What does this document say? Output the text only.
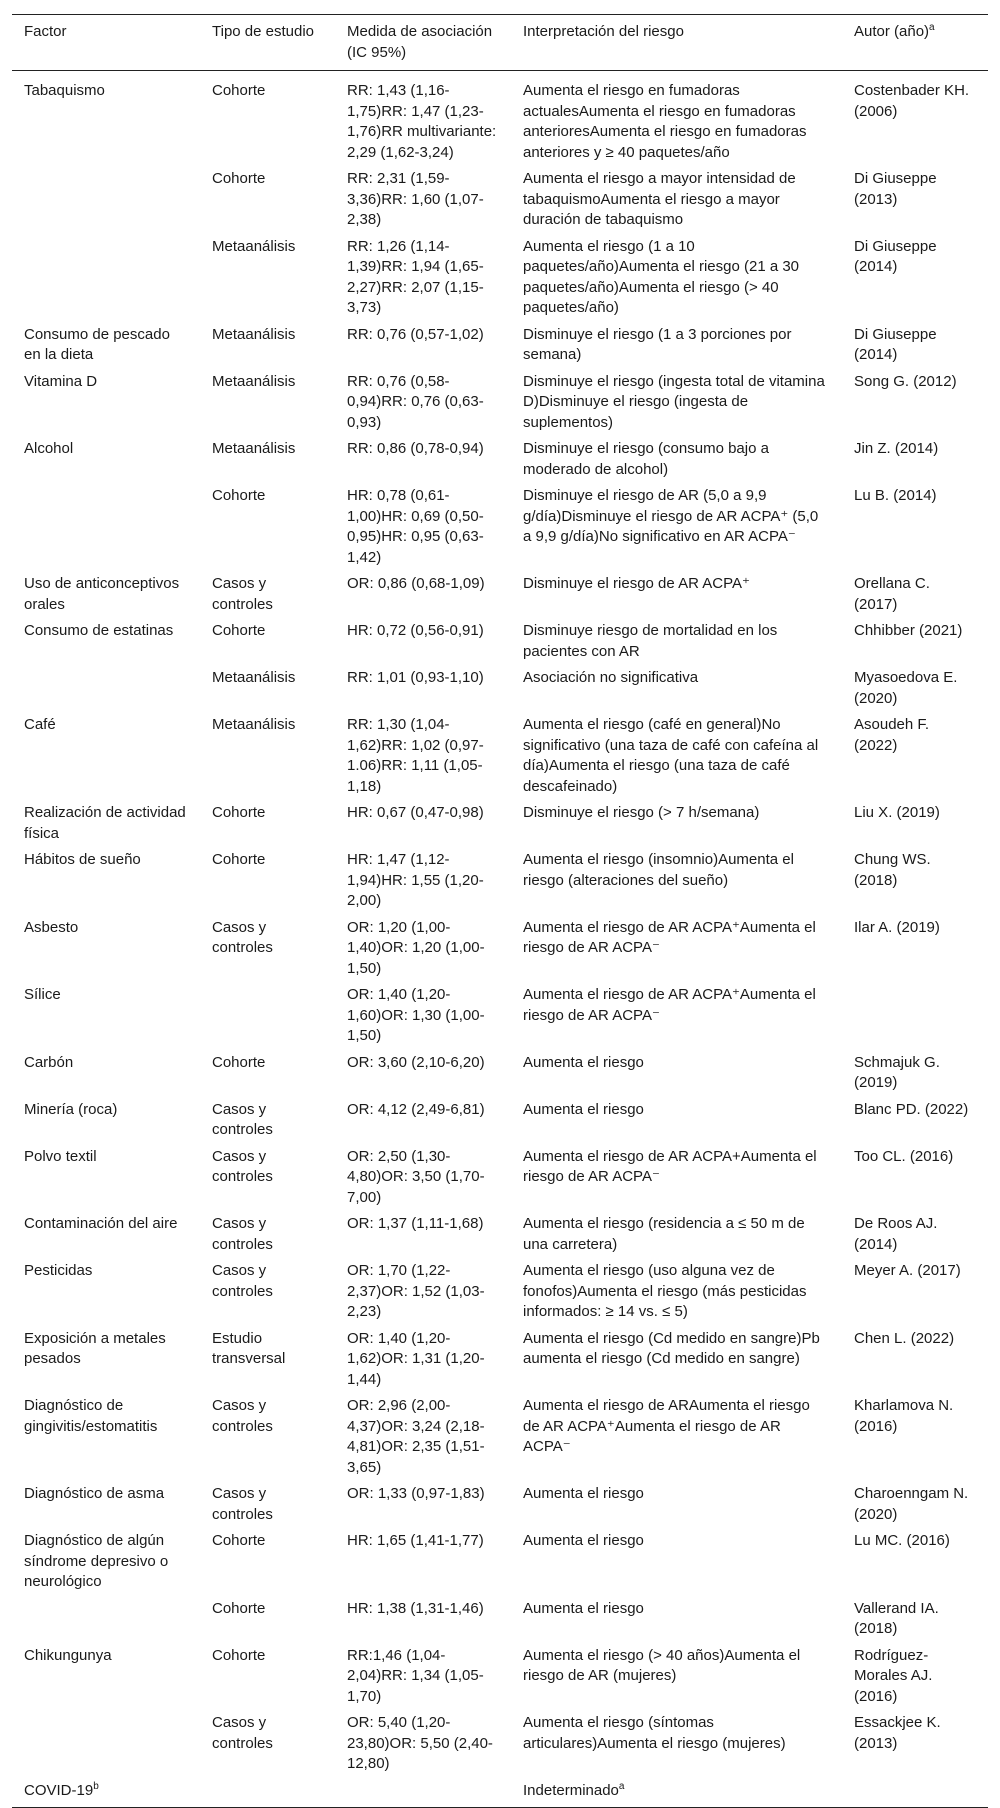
Factor	Tipo de estudio	Medida de asociación (IC 95%)	Interpretación del riesgo	Autor (año)$^a$
Tabaquismo	Cohorte	RR: 1,43 (1,16-1,75)RR: 1,47 (1,23-1,76)RR multivariante: 2,29 (1,62-3,24)	Aumenta el riesgo en fumadoras actualesAumenta el riesgo en fumadoras anterioresAumenta el riesgo en fumadoras anteriores y ≥ 40 paquetes/año	Costenbader KH. (2006)
	Cohorte	RR: 2,31 (1,59-3,36)RR: 1,60 (1,07-2,38)	Aumenta el riesgo a mayor intensidad de tabaquismoAumenta el riesgo a mayor duración de tabaquismo	Di Giuseppe (2013)
	Metaanálisis	RR: 1,26 (1,14-1,39)RR: 1,94 (1,65-2,27)RR: 2,07 (1,15-3,73)	Aumenta el riesgo (1 a 10 paquetes/año)Aumenta el riesgo (21 a 30 paquetes/año)Aumenta el riesgo (> 40 paquetes/año)	Di Giuseppe (2014)
Consumo de pescado en la dieta	Metaanálisis	RR: 0,76 (0,57-1,02)	Disminuye el riesgo (1 a 3 porciones por semana)	Di Giuseppe (2014)
Vitamina D	Metaanálisis	RR: 0,76 (0,58-0,94)RR: 0,76 (0,63-0,93)	Disminuye el riesgo (ingesta total de vitamina D)Disminuye el riesgo (ingesta de suplementos)	Song G. (2012)
Alcohol	Metaanálisis	RR: 0,86 (0,78-0,94)	Disminuye el riesgo (consumo bajo a moderado de alcohol)	Jin Z. (2014)
	Cohorte	HR: 0,78 (0,61-1,00)HR: 0,69 (0,50-0,95)HR: 0,95 (0,63-1,42)	Disminuye el riesgo de AR (5,0 a 9,9 g/día)Disminuye el riesgo de AR ACPA⁺ (5,0 a 9,9 g/día)No significativo en AR ACPA⁻	Lu B. (2014)
Uso de anticonceptivos orales	Casos y controles	OR: 0,86 (0,68-1,09)	Disminuye el riesgo de AR ACPA⁺	Orellana C. (2017)
Consumo de estatinas	Cohorte	HR: 0,72 (0,56-0,91)	Disminuye riesgo de mortalidad en los pacientes con AR	Chhibber (2021)
	Metaanálisis	RR: 1,01 (0,93-1,10)	Asociación no significativa	Myasoedova E. (2020)
Café	Metaanálisis	RR: 1,30 (1,04-1,62)RR: 1,02 (0,97-1.06)RR: 1,11 (1,05-1,18)	Aumenta el riesgo (café en general)No significativo (una taza de café con cafeína al día)Aumenta el riesgo (una taza de café descafeinado)	Asoudeh F. (2022)
Realización de actividad física	Cohorte	HR: 0,67 (0,47-0,98)	Disminuye el riesgo (> 7 h/semana)	Liu X. (2019)
Hábitos de sueño	Cohorte	HR: 1,47 (1,12-1,94)HR: 1,55 (1,20-2,00)	Aumenta el riesgo (insomnio)Aumenta el riesgo (alteraciones del sueño)	Chung WS. (2018)
Asbesto	Casos y controles	OR: 1,20 (1,00-1,40)OR: 1,20 (1,00-1,50)	Aumenta el riesgo de AR ACPA⁺Aumenta el riesgo de AR ACPA⁻	Ilar A. (2019)
Sílice		OR: 1,40 (1,20-1,60)OR: 1,30 (1,00-1,50)	Aumenta el riesgo de AR ACPA⁺Aumenta el riesgo de AR ACPA⁻	
Carbón	Cohorte	OR: 3,60 (2,10-6,20)	Aumenta el riesgo	Schmajuk G. (2019)
Minería (roca)	Casos y controles	OR: 4,12 (2,49-6,81)	Aumenta el riesgo	Blanc PD. (2022)
Polvo textil	Casos y controles	OR: 2,50 (1,30-4,80)OR: 3,50 (1,70-7,00)	Aumenta el riesgo de AR ACPA+Aumenta el riesgo de AR ACPA⁻	Too CL. (2016)
Contaminación del aire	Casos y controles	OR: 1,37 (1,11-1,68)	Aumenta el riesgo (residencia a ≤ 50 m de una carretera)	De Roos AJ. (2014)
Pesticidas	Casos y controles	OR: 1,70 (1,22-2,37)OR: 1,52 (1,03-2,23)	Aumenta el riesgo (uso alguna vez de fonofos)Aumenta el riesgo (más pesticidas informados: ≥ 14 vs. ≤ 5)	Meyer A. (2017)
Exposición a metales pesados	Estudio transversal	OR: 1,40 (1,20-1,62)OR: 1,31 (1,20-1,44)	Aumenta el riesgo (Cd medido en sangre)Pb aumenta el riesgo (Cd medido en sangre)	Chen L. (2022)
Diagnóstico de gingivitis/estomatitis	Casos y controles	OR: 2,96 (2,00-4,37)OR: 3,24 (2,18-4,81)OR: 2,35 (1,51-3,65)	Aumenta el riesgo de ARAumenta el riesgo de AR ACPA⁺Aumenta el riesgo de AR ACPA⁻	Kharlamova N. (2016)
Diagnóstico de asma	Casos y controles	OR: 1,33 (0,97-1,83)	Aumenta el riesgo	Charoenngam N. (2020)
Diagnóstico de algún síndrome depresivo o neurológico	Cohorte	HR: 1,65 (1,41-1,77)	Aumenta el riesgo	Lu MC. (2016)
	Cohorte	HR: 1,38 (1,31-1,46)	Aumenta el riesgo	Vallerand IA. (2018)
Chikungunya	Cohorte	RR:1,46 (1,04-2,04)RR: 1,34 (1,05-1,70)	Aumenta el riesgo (> 40 años)Aumenta el riesgo de AR (mujeres)	Rodríguez-Morales AJ. (2016)
	Casos y controles	OR: 5,40 (1,20-23,80)OR: 5,50 (2,40-12,80)	Aumenta el riesgo (síntomas articulares)Aumenta el riesgo (mujeres)	Essackjee K. (2013)
COVID-19$^b$			Indeterminado$^a$	
